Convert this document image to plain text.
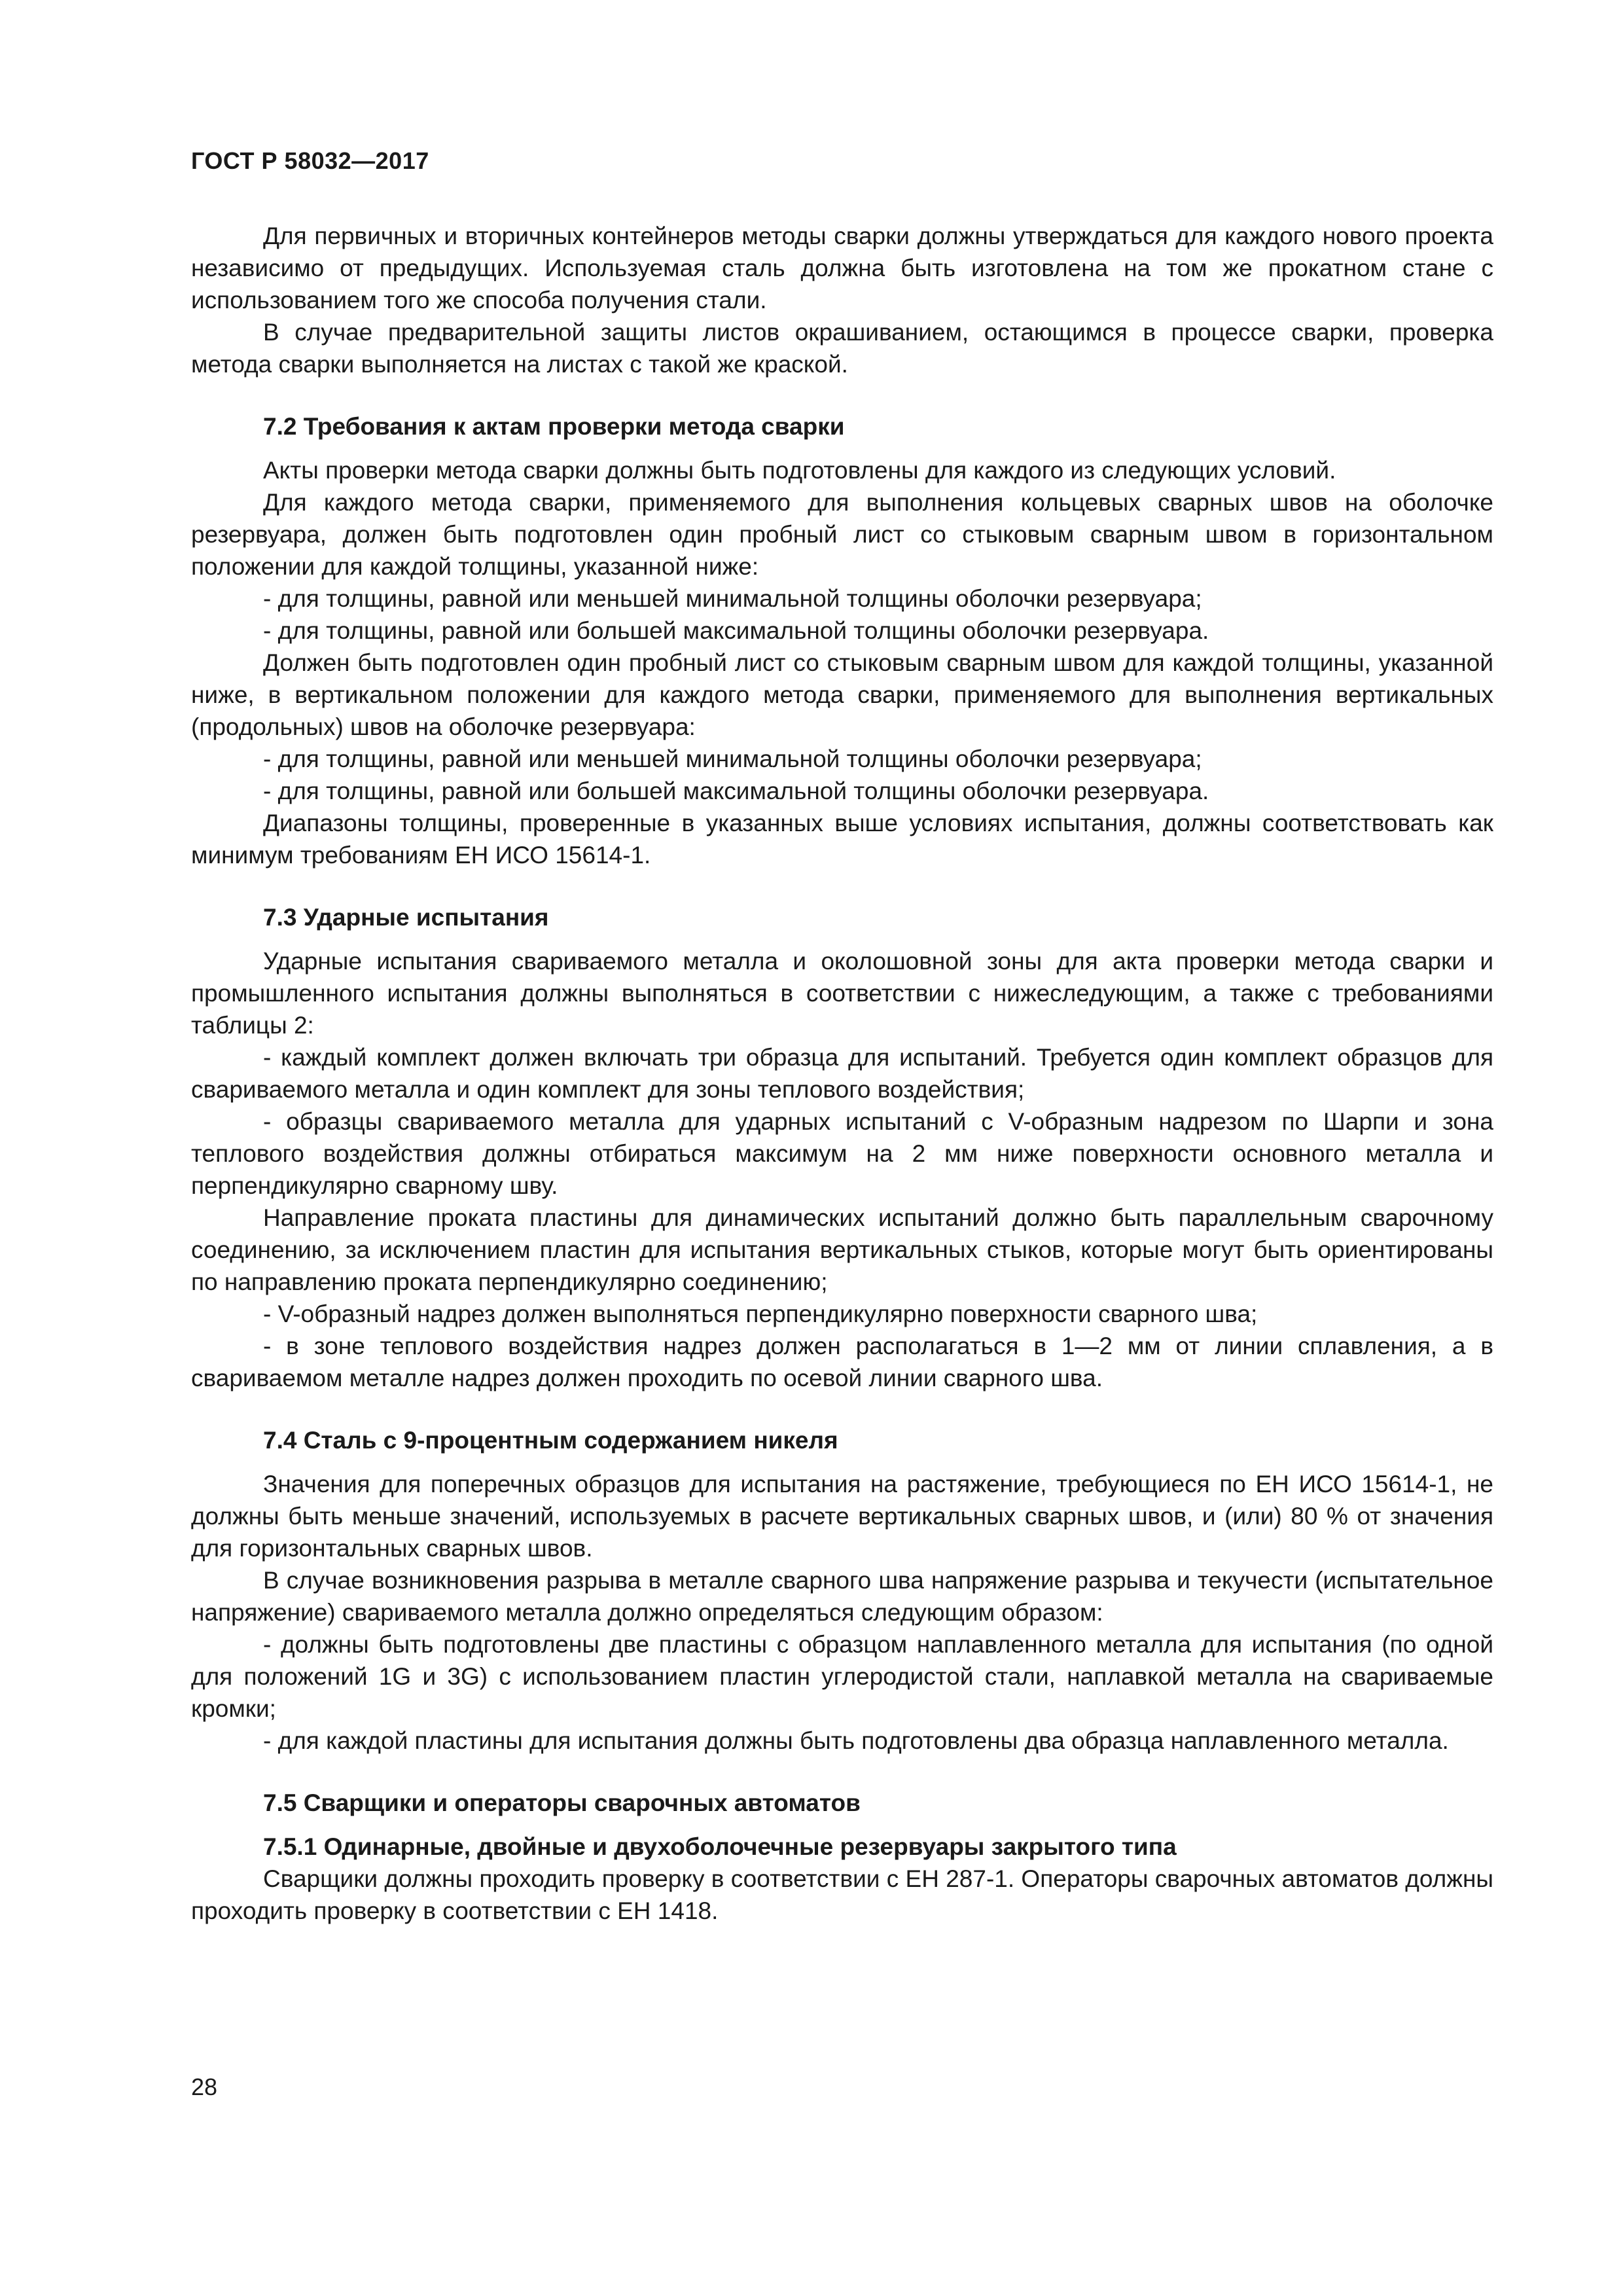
ГОСТ Р 58032—2017

Для первичных и вторичных контейнеров методы сварки должны утверждаться для каждого нового проекта независимо от предыдущих. Используемая сталь должна быть изготовлена на том же прокатном стане с использованием того же способа получения стали.

В случае предварительной защиты листов окрашиванием, остающимся в процессе сварки, проверка метода сварки выполняется на листах с такой же краской.

7.2 Требования к актам проверки метода сварки

Акты проверки метода сварки должны быть подготовлены для каждого из следующих условий.

Для каждого метода сварки, применяемого для выполнения кольцевых сварных швов на оболочке резервуара, должен быть подготовлен один пробный лист со стыковым сварным швом в горизонтальном положении для каждой толщины, указанной ниже:

- для толщины, равной или меньшей минимальной толщины оболочки резервуара;

- для толщины, равной или большей максимальной толщины оболочки резервуара.

Должен быть подготовлен один пробный лист со стыковым сварным швом для каждой толщины, указанной ниже, в вертикальном положении для каждого метода сварки, применяемого для выполнения вертикальных (продольных) швов на оболочке резервуара:

- для толщины, равной или меньшей минимальной толщины оболочки резервуара;

- для толщины, равной или большей максимальной толщины оболочки резервуара.

Диапазоны толщины, проверенные в указанных выше условиях испытания, должны соответствовать как минимум требованиям ЕН ИСО 15614-1.

7.3 Ударные испытания

Ударные испытания свариваемого металла и околошовной зоны для акта проверки метода сварки и промышленного испытания должны выполняться в соответствии с нижеследующим, а также с требованиями таблицы 2:

- каждый комплект должен включать три образца для испытаний. Требуется один комплект образцов для свариваемого металла и один комплект для зоны теплового воздействия;

- образцы свариваемого металла для ударных испытаний с V-образным надрезом по Шарпи и зона теплового воздействия должны отбираться максимум на 2 мм ниже поверхности основного металла и перпендикулярно сварному шву.

Направление проката пластины для динамических испытаний должно быть параллельным сварочному соединению, за исключением пластин для испытания вертикальных стыков, которые могут быть ориентированы по направлению проката перпендикулярно соединению;

- V-образный надрез должен выполняться перпендикулярно поверхности сварного шва;

- в зоне теплового воздействия надрез должен располагаться в 1—2 мм от линии сплавления, а в свариваемом металле надрез должен проходить по осевой линии сварного шва.

7.4 Сталь с 9-процентным содержанием никеля

Значения для поперечных образцов для испытания на растяжение, требующиеся по ЕН ИСО 15614-1, не должны быть меньше значений, используемых в расчете вертикальных сварных швов, и (или) 80 % от значения для горизонтальных сварных швов.

В случае возникновения разрыва в металле сварного шва напряжение разрыва и текучести (испытательное напряжение) свариваемого металла должно определяться следующим образом:

- должны быть подготовлены две пластины с образцом наплавленного металла для испытания (по одной для положений 1G и 3G) с использованием пластин углеродистой стали, наплавкой металла на свариваемые кромки;

- для каждой пластины для испытания должны быть подготовлены два образца наплавленного металла.

7.5 Сварщики и операторы сварочных автоматов
7.5.1 Одинарные, двойные и двухоболочечные резервуары закрытого типа

Сварщики должны проходить проверку в соответствии с ЕН 287-1. Операторы сварочных автоматов должны проходить проверку в соответствии с ЕН 1418.

28
